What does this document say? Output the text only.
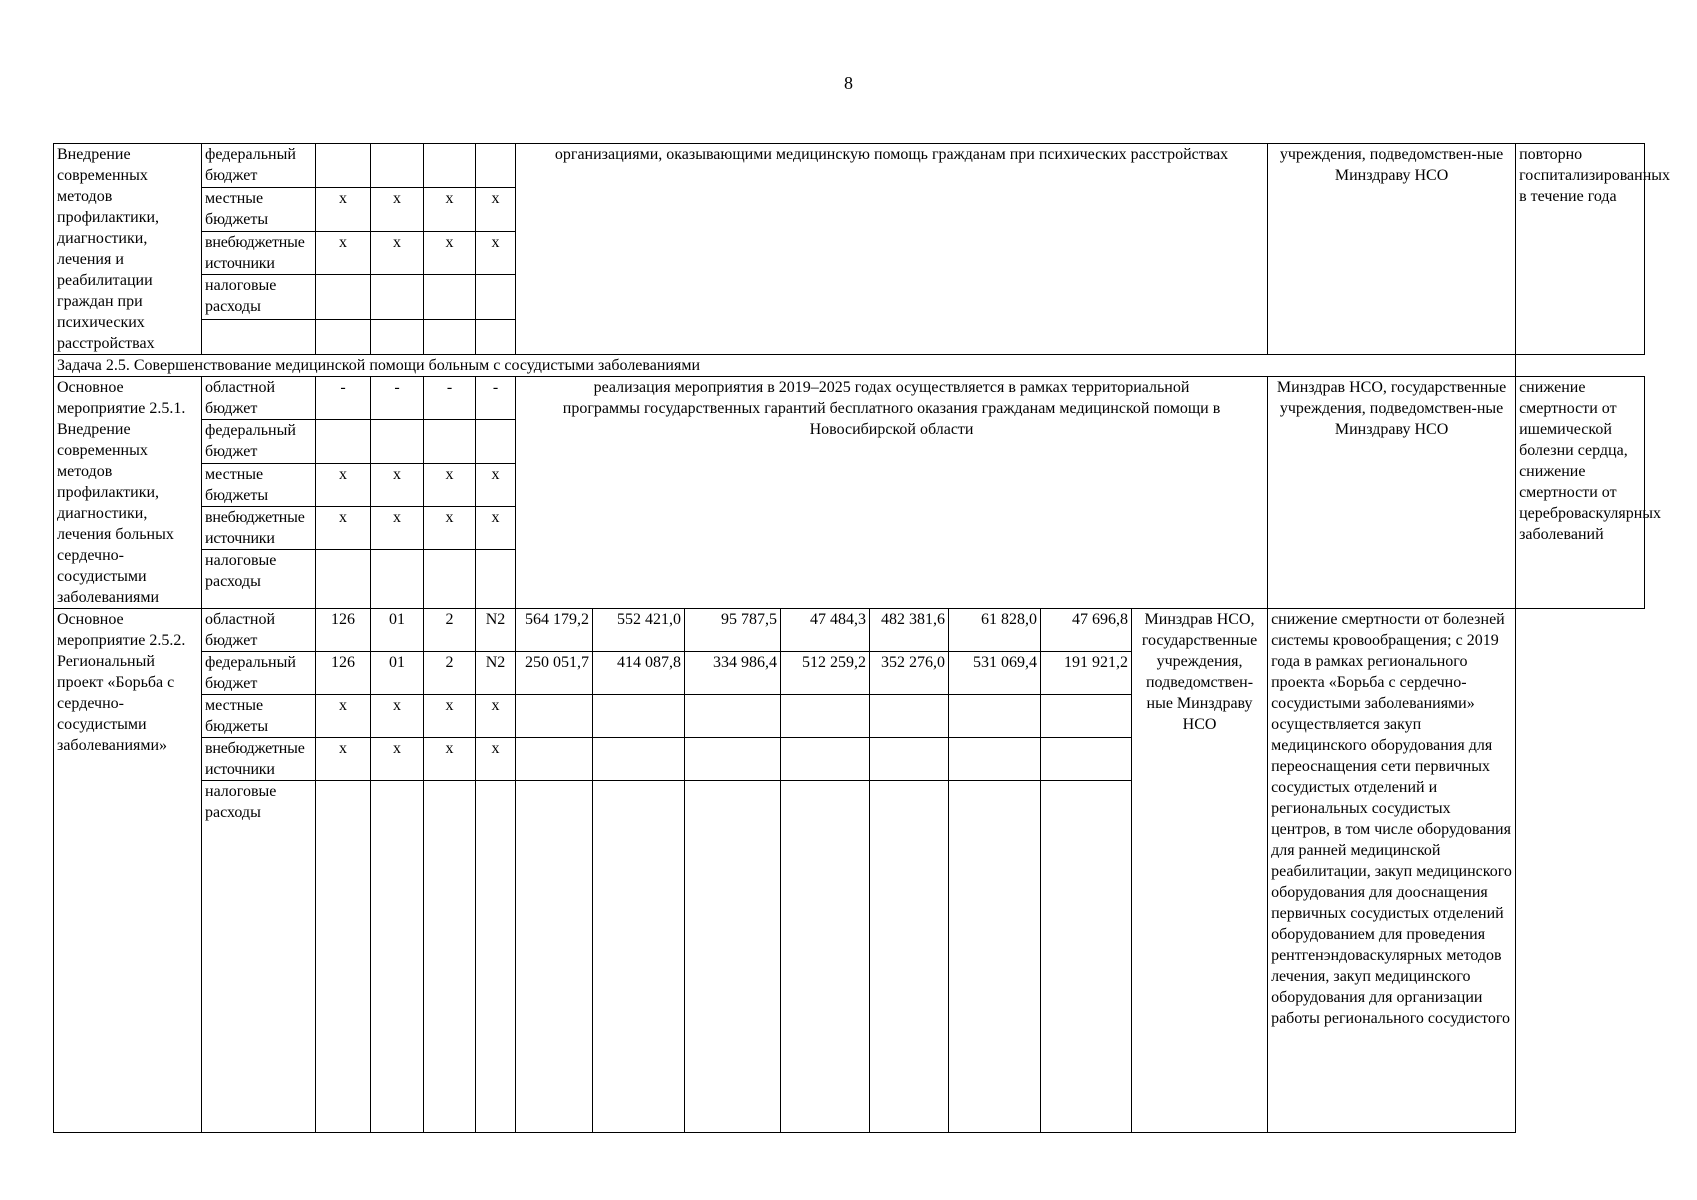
8
Внедрение современных методов профилактики, диагностики, лечения и реабилитации граждан при психических расстройствах	федеральный бюджет					организациями, оказывающими медицинскую помощь гражданам при психических расстройствах								учреждения, подведомствен-ные Минздраву НСО	повторно госпитализированных в течение года
	местные бюджеты	x	x	x	x										
	внебюджетные источники	x	x	x	x										
	налоговые расходы														

Задача 2.5. Совершенствование медицинской помощи больным с сосудистыми заболеваниями															
Основное мероприятие 2.5.1. Внедрение современных методов профилактики, диагностики, лечения больных сердечно-сосудистыми заболеваниями	областной бюджет	-	-	-	-	реализация мероприятия в 2019–2025 годах осуществляется в рамках территориальной программы государственных гарантий бесплатного оказания гражданам медицинской помощи в Новосибирской области								Минздрав НСО, государственные учреждения, подведомствен-ные Минздраву НСО	снижение смертности от ишемической болезни сердца, снижение смертности от цереброваскулярных заболеваний
	федеральный бюджет														
	местные бюджеты	x	x	x	x										
	внебюджетные источники	x	x	x	x										
	налоговые расходы														
Основное мероприятие 2.5.2. Региональный проект «Борьба с сердечно-сосудистыми заболеваниями»	областной бюджет	126	01	2	N2	564 179,2	552 421,0	95 787,5	47 484,3	482 381,6	61 828,0	47 696,8	Минздрав НСО, государственные учреждения, подведомствен-ные Минздраву НСО	снижение смертности от болезней системы кровообращения; с 2019 года в рамках регионального проекта «Борьба с сердечно-сосудистыми заболеваниями» осуществляется закуп медицинского оборудования для переоснащения сети первичных сосудистых отделений и региональных сосудистых центров, в том числе оборудования для ранней медицинской реабилитации, закуп медицинского оборудования для дооснащения первичных сосудистых отделений оборудованием для проведения рентгенэндоваскулярных методов лечения, закуп медицинского оборудования для организации работы регионального сосудистого	
	федеральный бюджет	126	01	2	N2	250 051,7	414 087,8	334 986,4	512 259,2	352 276,0	531 069,4	191 921,2			
	местные бюджеты	x	x	x	x										
	внебюджетные источники	x	x	x	x										
	налоговые расходы														
